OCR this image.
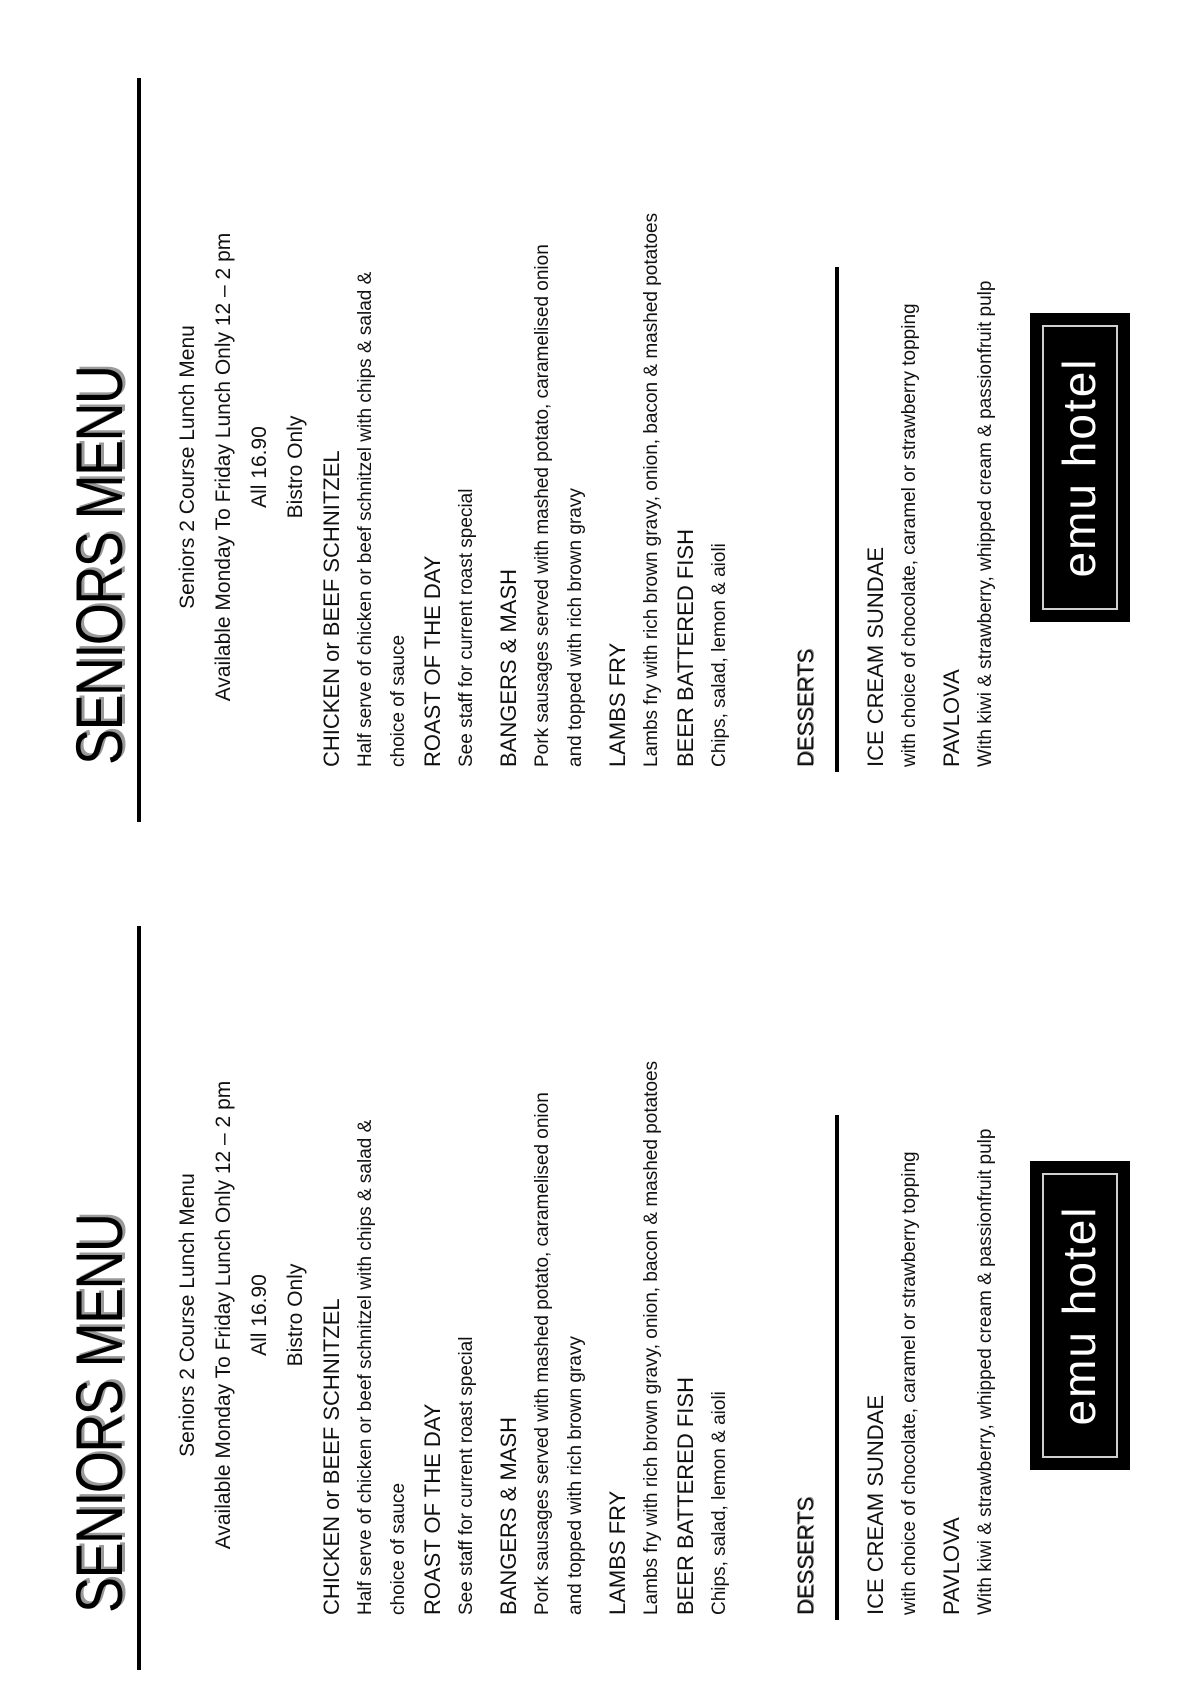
SENIORS MENU Seniors 2 Course Lunch Menu Available Monday To Friday Lunch Only 12 – 2 pm All 16.90 Bistro Only CHICKEN or BEEF SCHNITZEL Half serve of chicken or beef schnitzel with chips & salad & choice of sauce ROAST OF THE DAY See staff for current roast special BANGERS & MASH Pork sausages served with mashed potato, caramelised onion and topped with rich brown gravy LAMBS FRY Lambs fry with rich brown gravy, onion, bacon & mashed potatoes BEER BATTERED FISH Chips, salad, lemon & aioli	DESSERTS ICE CREAM SUNDAE with choice of chocolate, caramel or strawberry topping PAVLOVA With kiwi & strawberry, whipped cream & passionfruit pulp emu hotel
SENIORS MENU Seniors 2 Course Lunch Menu Available Monday To Friday Lunch Only 12 – 2 pm All 16.90 Bistro Only CHICKEN or BEEF SCHNITZEL Half serve of chicken or beef schnitzel with chips & salad & choice of sauce ROAST OF THE DAY See staff for current roast special BANGERS & MASH Pork sausages served with mashed potato, caramelised onion and topped with rich brown gravy LAMBS FRY Lambs fry with rich brown gravy, onion, bacon & mashed potatoes BEER BATTERED FISH Chips, salad, lemon & aioli	DESSERTS ICE CREAM SUNDAE with choice of chocolate, caramel or strawberry topping PAVLOVA With kiwi & strawberry, whipped cream & passionfruit pulp emu hotel
